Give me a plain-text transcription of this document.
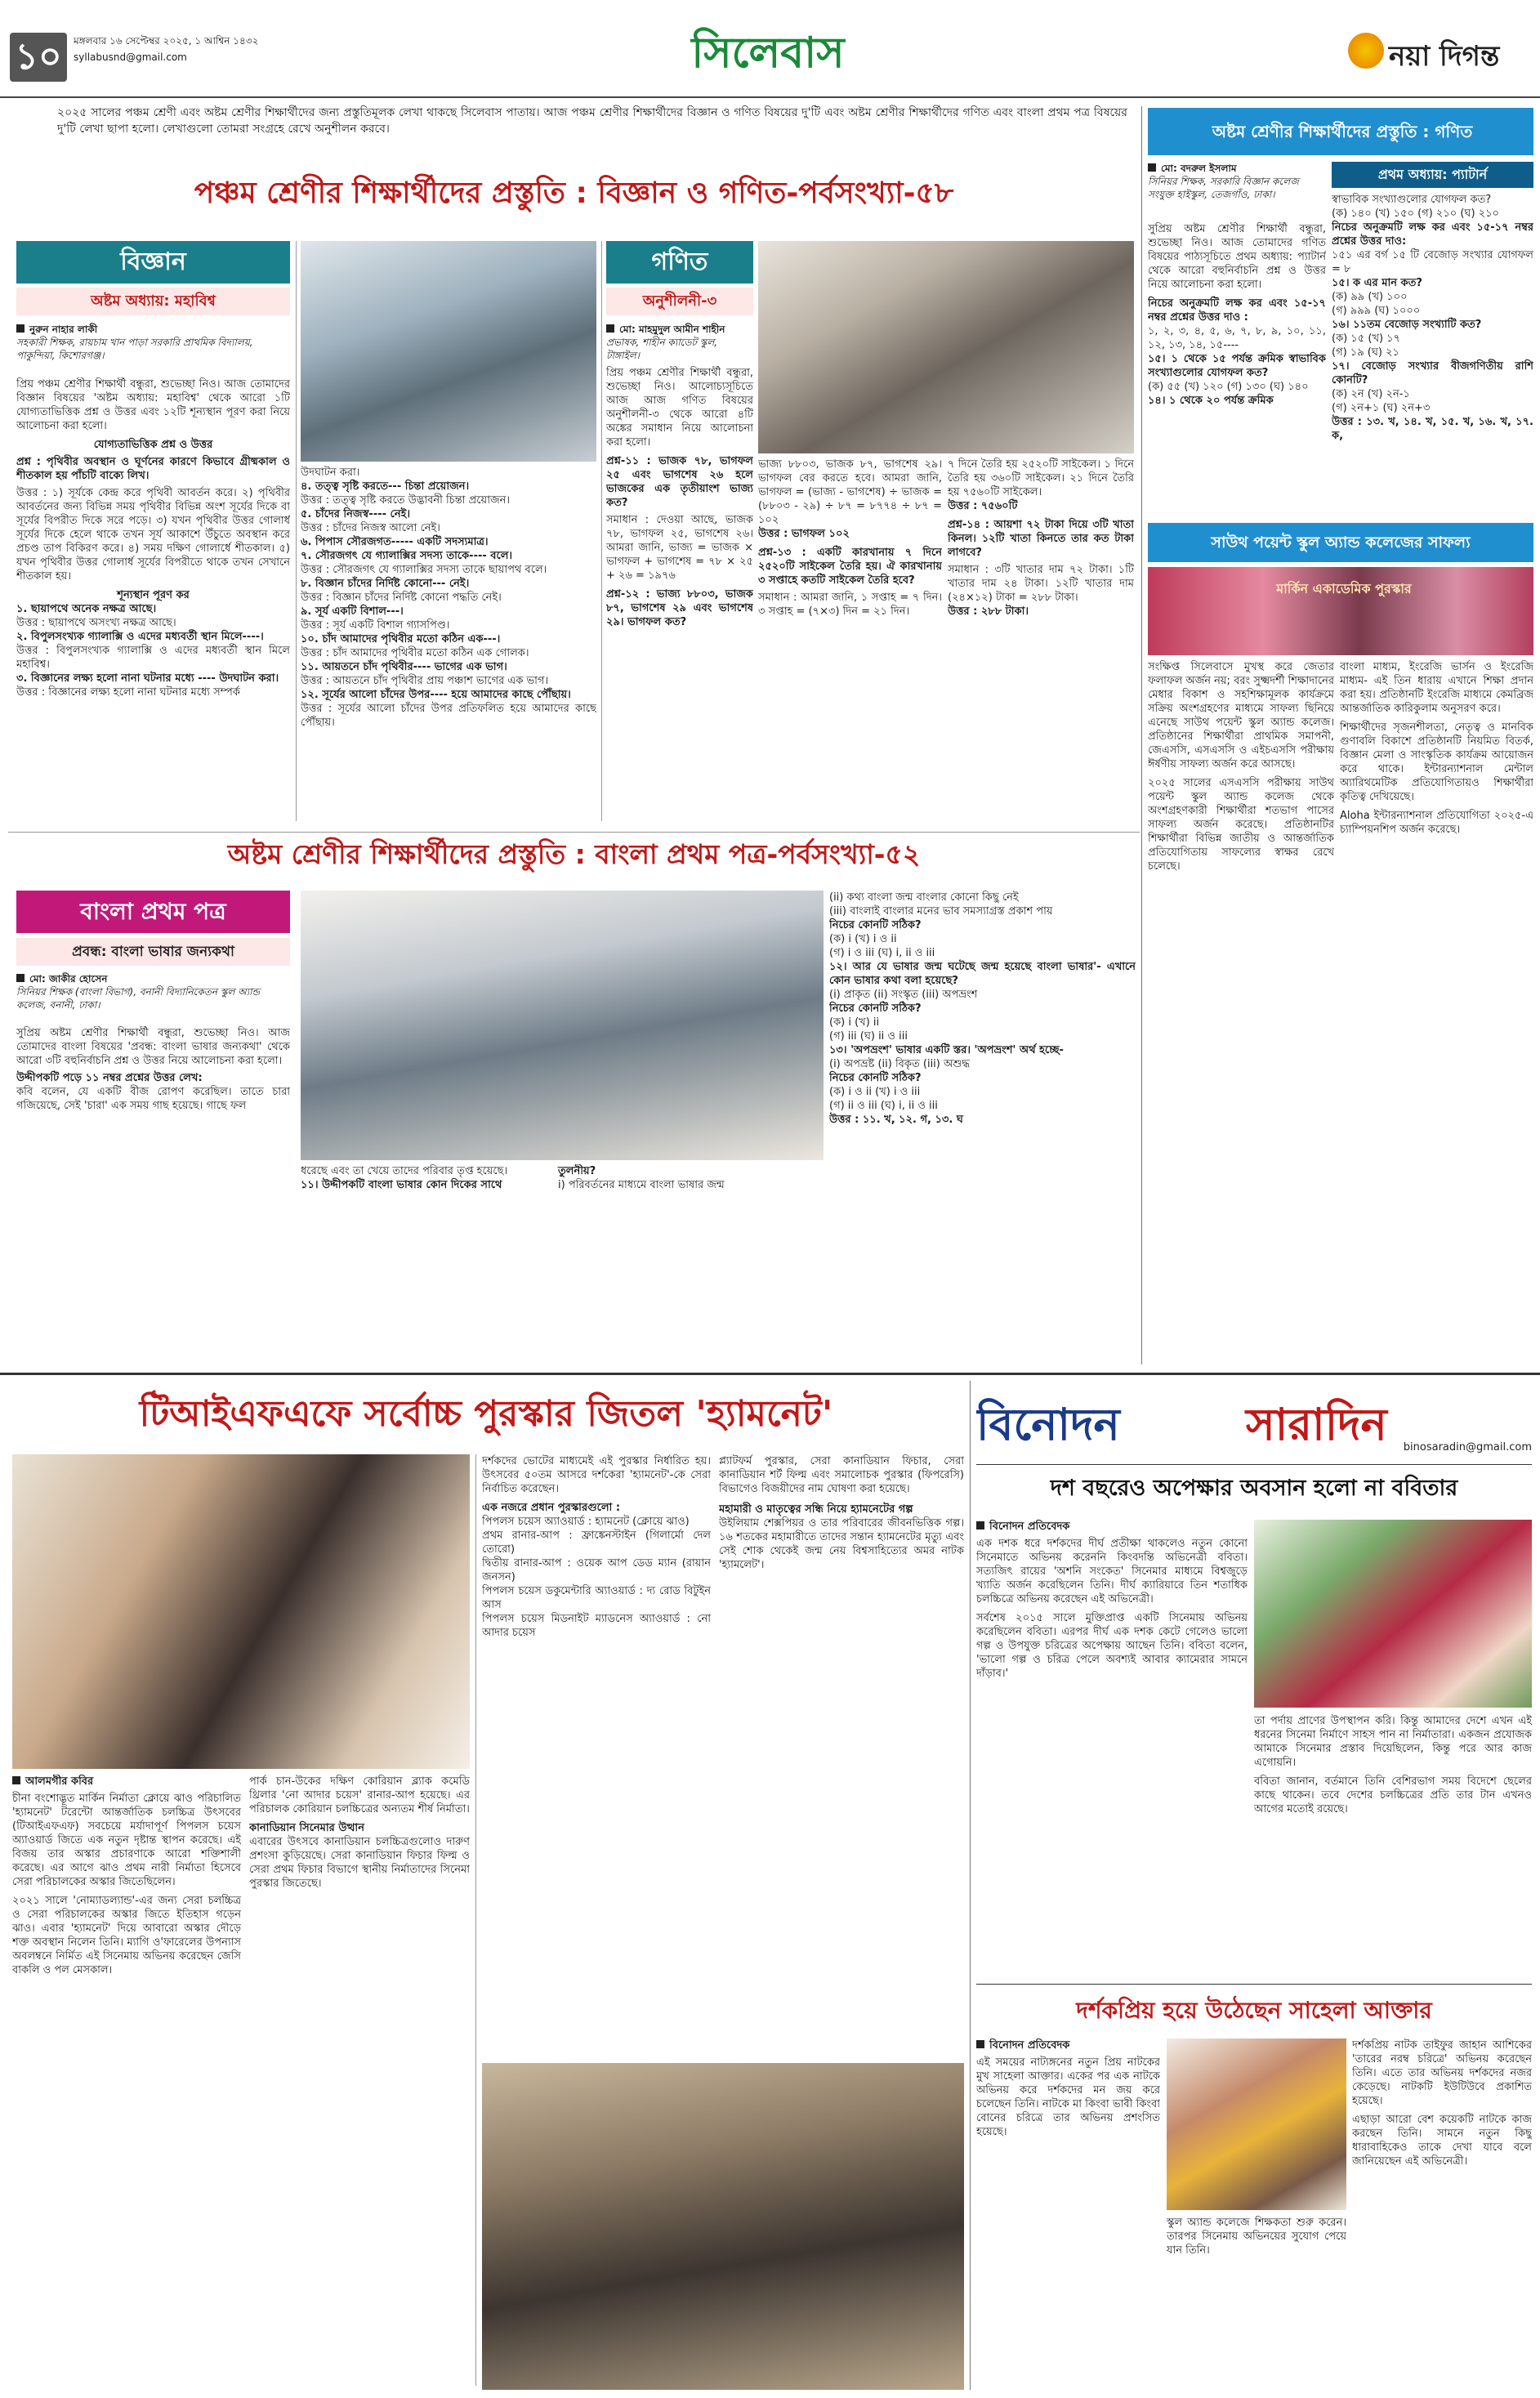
১০	মঙ্গলবার ১৬ সেপ্টেম্বর ২০২৫, ১ আশ্বিন ১৪৩২
syllabusnd@gmail.com	সিলেবাস	নয়া দিগন্ত
২০২৫ সালের পঞ্চম শ্রেণী এবং অষ্টম শ্রেণীর শিক্ষার্থীদের জন্য প্রস্তুতিমূলক লেখা থাকছে সিলেবাস পাতায়। আজ পঞ্চম শ্রেণীর শিক্ষার্থীদের বিজ্ঞান ও গণিত বিষয়ের দু'টি এবং অষ্টম শ্রেণীর শিক্ষার্থীদের গণিত এবং বাংলা প্রথম পত্র বিষয়ের দু'টি লেখা ছাপা হলো। লেখাগুলো তোমরা সংগ্রহে রেখে অনুশীলন করবে।
পঞ্চম শ্রেণীর শিক্ষার্থীদের প্রস্তুতি : বিজ্ঞান ও গণিত-পর্বসংখ্যা-৫৮
বিজ্ঞান
অষ্টম অধ্যায়: মহাবিশ্ব
নুরুন নাহার লাকী
সহকারী শিক্ষক, রায়চাম খান পাড়া সরকারি প্রাথমিক বিদ্যালয়, পাকুন্দিয়া, কিশোরগঞ্জ।

প্রিয় পঞ্চম শ্রেণীর শিক্ষার্থী বন্ধুরা, শুভেচ্ছা নিও। আজ তোমাদের বিজ্ঞান বিষয়ের 'অষ্টম অধ্যায়: মহাবিশ্ব' থেকে আরো ১টি যোগ্যতাভিত্তিক প্রশ্ন ও উত্তর এবং ১২টি শূন্যস্থান পূরণ করা নিয়ে আলোচনা করা হলো।

যোগ্যতাভিত্তিক প্রশ্ন ও উত্তর

প্রশ্ন : পৃথিবীর অবস্থান ও ঘূর্ণনের কারণে কিভাবে গ্রীষ্মকাল ও শীতকাল হয় পাঁচটি বাক্যে লিখ।

উত্তর : ১) সূর্যকে কেন্দ্র করে পৃথিবী আবর্তন করে। ২) পৃথিবীর আবর্তনের জন্য বিভিন্ন সময় পৃথিবীর বিভিন্ন অংশ সূর্যের দিকে বা সূর্যের বিপরীত দিকে সরে পড়ে। ৩) যখন পৃথিবীর উত্তর গোলার্ধ সূর্যের দিকে হেলে থাকে তখন সূর্য আকাশে উঁচুতে অবস্থান করে প্রচণ্ড তাপ বিকিরণ করে। ৪) সময় দক্ষিণ গোলার্ধে শীতকাল। ৫) যখন পৃথিবীর উত্তর গোলার্ধ সূর্যের বিপরীতে থাকে তখন সেখানে শীতকাল হয়।

শূন্যস্থান পূরণ কর

১. ছায়াপথে অনেক নক্ষত্র আছে।

উত্তর : ছায়াপথে অসংখ্য নক্ষত্র আছে।

২. বিপুলসংখ্যক গ্যালাক্সি ও এদের মধ্যবর্তী স্থান মিলে----।

উত্তর : বিপুলসংখ্যক গ্যালাক্সি ও এদের মধ্যবর্তী স্থান মিলে মহাবিশ্ব।

৩. বিজ্ঞানের লক্ষ্য হলো নানা ঘটনার মধ্যে ---- উদঘাটন করা।

উত্তর : বিজ্ঞানের লক্ষ্য হলো নানা ঘটনার মধ্যে সম্পর্ক

উদঘাটন করা।

৪. তত্ত্ব সৃষ্টি করতে--- চিন্তা প্রয়োজন।

উত্তর : তত্ত্ব সৃষ্টি করতে উদ্ভাবনী চিন্তা প্রয়োজন।

৫. চাঁদের নিজস্ব---- নেই।

উত্তর : চাঁদের নিজস্ব আলো নেই।

৬. পিপাস সৌরজগত----- একটি সদস্যমাত্র।

৭. সৌরজগৎ যে গ্যালাক্সির সদস্য তাকে---- বলে।

উত্তর : সৌরজগৎ যে গ্যালাক্সির সদস্য তাকে ছায়াপথ বলে।

৮. বিজ্ঞান চাঁদের নির্দিষ্ট কোনো--- নেই।

উত্তর : বিজ্ঞান চাঁদের নির্দিষ্ট কোনো পদ্ধতি নেই।

৯. সূর্য একটি বিশাল---।

উত্তর : সূর্য একটি বিশাল গ্যাসপিণ্ড।

১০. চাঁদ আমাদের পৃথিবীর মতো কঠিন এক---।

উত্তর : চাঁদ আমাদের পৃথিবীর মতো কঠিন এক গোলক।

১১. আয়তনে চাঁদ পৃথিবীর---- ভাগের এক ভাগ।

উত্তর : আয়তনে চাঁদ পৃথিবীর প্রায় পঞ্চাশ ভাগের এক ভাগ।

১২. সূর্যের আলো চাঁদের উপর---- হয়ে আমাদের কাছে পৌঁছায়।

উত্তর : সূর্যের আলো চাঁদের উপর প্রতিফলিত হয়ে আমাদের কাছে পৌঁছায়।

গণিত
অনুশীলনী-৩
মো: মাহমুদুল আমীন শাহীন
প্রভাষক, শাহীন ক্যাডেট স্কুল, টাঙ্গাইল।

প্রিয় পঞ্চম শ্রেণীর শিক্ষার্থী বন্ধুরা, শুভেচ্ছা নিও। আলোচ্যসূচিতে আজ আজ গণিত বিষয়ের অনুশীলনী-৩ থেকে আরো ৪টি অঙ্কের সমাধান নিয়ে আলোচনা করা হলো।

প্রশ্ন-১১ : ভাজক ৭৮, ভাগফল ২৫ এবং ভাগশেষ ২৬ হলে ভাজকের এক তৃতীয়াংশ ভাজ্য কত?

সমাধান : দেওয়া আছে, ভাজক ৭৮, ভাগফল ২৫, ভাগশেষ ২৬। আমরা জানি, ভাজ্য = ভাজক × ভাগফল + ভাগশেষ = ৭৮ × ২৫ + ২৬ = ১৯৭৬

প্রশ্ন-১২ : ভাজ্য ৮৮০৩, ভাজক ৮৭, ভাগশেষ ২৯ এবং ভাগশেষ ২৯। ভাগফল কত?

ভাজ্য ৮৮০৩, ভাজক ৮৭, ভাগশেষ ২৯। ভাগফল বের করতে হবে। আমরা জানি, ভাগফল = (ভাজ্য - ভাগশেষ) ÷ ভাজক = (৮৮০৩ - ২৯) ÷ ৮৭ = ৮৭৭৪ ÷ ৮৭ = ১০২

উত্তর : ভাগফল ১০২

প্রশ্ন-১৩ : একটি কারখানায় ৭ দিনে ২৫২০টি সাইকেল তৈরি হয়। ঐ কারখানায় ৩ সপ্তাহে কতটি সাইকেল তৈরি হবে?

সমাধান : আমরা জানি, ১ সপ্তাহ = ৭ দিন। ৩ সপ্তাহ = (৭×৩) দিন = ২১ দিন।

৭ দিনে তৈরি হয় ২৫২০টি সাইকেল। ১ দিনে তৈরি হয় ৩৬০টি সাইকেল। ২১ দিনে তৈরি হয় ৭৫৬০টি সাইকেল।

উত্তর : ৭৫৬০টি

প্রশ্ন-১৪ : আয়শা ৭২ টাকা দিয়ে ৩টি খাতা কিনল। ১২টি খাতা কিনতে তার কত টাকা লাগবে?

সমাধান : ৩টি খাতার দাম ৭২ টাকা। ১টি খাতার দাম ২৪ টাকা। ১২টি খাতার দাম (২৪×১২) টাকা = ২৮৮ টাকা।

উত্তর : ২৮৮ টাকা।

অষ্টম শ্রেণীর শিক্ষার্থীদের প্রস্তুতি : গণিত
মো: বদরুল ইসলাম
সিনিয়র শিক্ষক, সরকারি বিজ্ঞান কলেজ সংযুক্ত হাইস্কুল, তেজগাঁও, ঢাকা।

সুপ্রিয় অষ্টম শ্রেণীর শিক্ষার্থী বন্ধুরা, শুভেচ্ছা নিও। আজ তোমাদের গণিত বিষয়ের পাঠ্যসূচিতে প্রথম অধ্যায়: প্যাটার্ন থেকে আরো বহুনির্বাচনি প্রশ্ন ও উত্তর নিয়ে আলোচনা করা হলো।

নিচের অনুক্রমটি লক্ষ কর এবং ১৫-১৭ নম্বর প্রশ্নের উত্তর দাও :

১, ২, ৩, ৪, ৫, ৬, ৭, ৮, ৯, ১০, ১১, ১২, ১৩, ১৪, ১৫----

১৫। ১ থেকে ১৫ পর্যন্ত ক্রমিক স্বাভাবিক সংখ্যাগুলোর যোগফল কত?

(ক) ৫৫ (খ) ১২০ (গ) ১৩০ (ঘ) ১৪০

১৪। ১ থেকে ২০ পর্যন্ত ক্রমিক

প্রথম অধ্যায়: প্যাটার্ন

স্বাভাবিক সংখ্যাগুলোর যোগফল কত?

(ক) ১৪০ (খ) ১৫০ (গ) ২১০ (ঘ) ২১০

নিচের অনুক্রমটি লক্ষ কর এবং ১৫-১৭ নম্বর প্রশ্নের উত্তর দাও:

১৫১ এর বর্গ ১৫ টি বেজোড় সংখ্যার যোগফল = ৮

১৫। ক এর মান কত?

(ক) ৯৯ (খ) ১০০

(গ) ৯৯৯ (ঘ) ১০০০

১৬। ১১তম বেজোড় সংখ্যাটি কত?

(ক) ১৫ (খ) ১৭

(গ) ১৯ (ঘ) ২১

১৭। বেজোড় সংখ্যার বীজগণিতীয় রাশি কোনটি?

(ক) ২ন (খ) ২ন-১

(গ) ২ন+১ (ঘ) ২ন+৩

উত্তর : ১৩. খ, ১৪. খ, ১৫. খ, ১৬. খ, ১৭. ক,

সাউথ পয়েন্ট স্কুল অ্যান্ড কলেজের সাফল্য
মার্কিন একাডেমিক পুরস্কার

সংক্ষিপ্ত সিলেবাসে মুখস্থ করে জেতার ফলাফল অর্জন নয়; বরং সুক্ষ্মদর্শী শিক্ষাদানের মেধার বিকাশ ও সহশিক্ষামূলক কার্যক্রমে সক্রিয় অংশগ্রহণের মাধ্যমে সাফল্য ছিনিয়ে এনেছে সাউথ পয়েন্ট স্কুল অ্যান্ড কলেজ। প্রতিষ্ঠানের শিক্ষার্থীরা প্রাথমিক সমাপনী, জেএসসি, এসএসসি ও এইচএসসি পরীক্ষায় ঈর্ষণীয় সাফল্য অর্জন করে আসছে।

২০২৫ সালের এসএসসি পরীক্ষায় সাউথ পয়েন্ট স্কুল অ্যান্ড কলেজ থেকে অংশগ্রহণকারী শিক্ষার্থীরা শতভাগ পাসের সাফল্য অর্জন করেছে। প্রতিষ্ঠানটির শিক্ষার্থীরা বিভিন্ন জাতীয় ও আন্তর্জাতিক প্রতিযোগিতায় সাফল্যের স্বাক্ষর রেখে চলেছে।

বাংলা মাধ্যম, ইংরেজি ভার্সন ও ইংরেজি মাধ্যম- এই তিন ধারায় এখানে শিক্ষা প্রদান করা হয়। প্রতিষ্ঠানটি ইংরেজি মাধ্যমে কেমব্রিজ আন্তর্জাতিক কারিকুলাম অনুসরণ করে।

শিক্ষার্থীদের সৃজনশীলতা, নেতৃত্ব ও মানবিক গুণাবলি বিকাশে প্রতিষ্ঠানটি নিয়মিত বিতর্ক, বিজ্ঞান মেলা ও সাংস্কৃতিক কার্যক্রম আয়োজন করে থাকে। ইন্টারন্যাশনাল মেন্টাল অ্যারিথমেটিক প্রতিযোগিতায়ও শিক্ষার্থীরা কৃতিত্ব দেখিয়েছে।

Aloha ইন্টারন্যাশনাল প্রতিযোগিতা ২০২৫-এ চ্যাম্পিয়নশিপ অর্জন করেছে।

অষ্টম শ্রেণীর শিক্ষার্থীদের প্রস্তুতি : বাংলা প্রথম পত্র-পর্বসংখ্যা-৫২
বাংলা প্রথম পত্র
প্রবন্ধ: বাংলা ভাষার জন্যকথা
মো: জাকীর হোসেন
সিনিয়র শিক্ষক (বাংলা বিভাগ), বনানী বিদ্যানিকেতন স্কুল অ্যান্ড কলেজ, বনানী, ঢাকা।

সুপ্রিয় অষ্টম শ্রেণীর শিক্ষার্থী বন্ধুরা, শুভেচ্ছা নিও। আজ তোমাদের বাংলা বিষয়ের 'প্রবন্ধ: বাংলা ভাষার জন্যকথা' থেকে আরো ৩টি বহুনির্বাচনি প্রশ্ন ও উত্তর নিয়ে আলোচনা করা হলো।

উদ্দীপকটি পড়ে ১১ নম্বর প্রশ্নের উত্তর লেখ:

কবি বলেন, যে একটি বীজ রোপণ করেছিল। তাতে চারা গজিয়েছে, সেই 'চারা' এক সময় গাছ হয়েছে। গাছে ফল

ধরেছে এবং তা খেয়ে তাদের পরিবার তৃপ্ত হয়েছে।

১১। উদ্দীপকটি বাংলা ভাষার কোন দিকের সাথে

তুলনীয়?

i) পরিবর্তনের মাধ্যমে বাংলা ভাষার জন্ম

(ii) কথ্য বাংলা জন্ম বাংলার কোনো কিছু নেই

(iii) বাংলাই বাংলার মনের ভাব সমস্যাগ্রস্ত প্রকাশ পায়

নিচের কোনটি সঠিক?

(ক) i (খ) i ও ii

(গ) i ও iii (ঘ) i, ii ও iii

১২। আর যে ভাষার জন্ম ঘটেছে জন্ম হয়েছে বাংলা ভাষার'- এখানে কোন ভাষার কথা বলা হয়েছে?

(i) প্রাকৃত (ii) সংস্কৃত (iii) অপভ্রংশ

নিচের কোনটি সঠিক?

(ক) i (খ) ii

(গ) iii (ঘ) ii ও iii

১৩। 'অপভ্রংশ' ভাষার একটি স্তর। 'অপভ্রংশ' অর্থ হচ্ছে-

(i) অপভ্রষ্ট (ii) বিকৃত (iii) অশুদ্ধ

নিচের কোনটি সঠিক?

(ক) i ও ii (খ) i ও iii

(গ) ii ও iii (ঘ) i, ii ও iii

উত্তর : ১১. খ, ১২. গ, ১৩. ঘ

টিআইএফএফে সর্বোচ্চ পুরস্কার জিতল 'হ্যামনেট'

আলমগীর কবির

চীনা বংশোদ্ভূত মার্কিন নির্মাতা ক্লোয়ে ঝাও পরিচালিত 'হ্যামনেট' টরেন্টো আন্তর্জাতিক চলচ্চিত্র উৎসবের (টিআইএফএফ) সবচেয়ে মর্যাদাপূর্ণ পিপলস চয়েস অ্যাওয়ার্ড জিতে এক নতুন দৃষ্টান্ত স্থাপন করেছে। এই বিজয় তার অস্কার প্রচারণাকে আরো শক্তিশালী করেছে। এর আগে ঝাও প্রথম নারী নির্মাতা হিসেবে সেরা পরিচালকের অস্কার জিতেছিলেন।

২০২১ সালে 'নোম্যাডল্যান্ড'-এর জন্য সেরা চলচ্চিত্র ও সেরা পরিচালকের অস্কার জিতে ইতিহাস গড়েন ঝাও। এবার 'হ্যামনেট' দিয়ে আবারো অস্কার দৌড়ে শক্ত অবস্থান নিলেন তিনি। ম্যাগি ও'ফারেলের উপন্যাস অবলম্বনে নির্মিত এই সিনেমায় অভিনয় করেছেন জেসি বাকলি ও পল মেসকাল।

পার্ক চান-উকের দক্ষিণ কোরিয়ান ব্ল্যাক কমেডি থ্রিলার 'নো আদার চয়েস' রানার-আপ হয়েছে। এর পরিচালক কোরিয়ান চলচ্চিত্রের অন্যতম শীর্ষ নির্মাতা।

কানাডিয়ান সিনেমার উত্থান

এবারের উৎসবে কানাডিয়ান চলচ্চিত্রগুলোও দারুণ প্রশংসা কুড়িয়েছে। সেরা কানাডিয়ান ফিচার ফিল্ম ও সেরা প্রথম ফিচার বিভাগে স্থানীয় নির্মাতাদের সিনেমা পুরস্কার জিতেছে।

দর্শকদের ভোটের মাধ্যমেই এই পুরস্কার নির্ধারিত হয়। উৎসবের ৫০তম আসরে দর্শকেরা 'হ্যামনেট'-কে সেরা নির্বাচিত করেছেন।

এক নজরে প্রধান পুরস্কারগুলো :

পিপলস চয়েস অ্যাওয়ার্ড : হ্যামনেট (ক্লোয়ে ঝাও)

প্রথম রানার-আপ : ফ্রাঙ্কেনস্টাইন (গিলার্মো দেল তোরো)

দ্বিতীয় রানার-আপ : ওয়েক আপ ডেড ম্যান (রায়ান জনসন)

পিপলস চয়েস ডকুমেন্টারি অ্যাওয়ার্ড : দ্য রোড বিটুইন আস

পিপলস চয়েস মিডনাইট ম্যাডনেস অ্যাওয়ার্ড : নো আদার চয়েস

প্ল্যাটফর্ম পুরস্কার, সেরা কানাডিয়ান ফিচার, সেরা কানাডিয়ান শর্ট ফিল্ম এবং সমালোচক পুরস্কার (ফিপরেসি) বিভাগেও বিজয়ীদের নাম ঘোষণা করা হয়েছে।

মহামারী ও মাতৃত্বের সন্ধি নিয়ে হ্যামনেটের গল্প

উইলিয়াম শেক্সপিয়র ও তার পরিবারের জীবনভিত্তিক গল্প। ১৬ শতকের মহামারীতে তাদের সন্তান হ্যামনেটের মৃত্যু এবং সেই শোক থেকেই জন্ম নেয় বিশ্বসাহিত্যের অমর নাটক 'হ্যামলেট'।

বিনোদন	সারাদিন binosaradin@gmail.com
দশ বছরেও অপেক্ষার অবসান হলো না ববিতার

বিনোদন প্রতিবেদক

এক দশক ধরে দর্শকদের দীর্ঘ প্রতীক্ষা থাকলেও নতুন কোনো সিনেমাতে অভিনয় করেননি কিংবদন্তি অভিনেত্রী ববিতা। সত্যজিৎ রায়ের 'অশনি সংকেত' সিনেমার মাধ্যমে বিশ্বজুড়ে খ্যাতি অর্জন করেছিলেন তিনি। দীর্ঘ ক্যারিয়ারে তিন শতাধিক চলচ্চিত্রে অভিনয় করেছেন এই অভিনেত্রী।

সর্বশেষ ২০১৫ সালে মুক্তিপ্রাপ্ত একটি সিনেমায় অভিনয় করেছিলেন ববিতা। এরপর দীর্ঘ এক দশক কেটে গেলেও ভালো গল্প ও উপযুক্ত চরিত্রের অপেক্ষায় আছেন তিনি। ববিতা বলেন, 'ভালো গল্প ও চরিত্র পেলে অবশ্যই আবার ক্যামেরার সামনে দাঁড়াব।'

তা পর্দায় প্রাণের উপস্থাপন করি। কিন্তু আমাদের দেশে এখন এই ধরনের সিনেমা নির্মাণে সাহস পান না নির্মাতারা। একজন প্রযোজক আমাকে সিনেমার প্রস্তাব দিয়েছিলেন, কিন্তু পরে আর কাজ এগোয়নি।

ববিতা জানান, বর্তমানে তিনি বেশিরভাগ সময় বিদেশে ছেলের কাছে থাকেন। তবে দেশের চলচ্চিত্রের প্রতি তার টান এখনও আগের মতোই রয়েছে।

দর্শকপ্রিয় হয়ে উঠেছেন সাহেলা আক্তার

বিনোদন প্রতিবেদক

এই সময়ের নাট্যঙ্গনের নতুন প্রিয় নাটকের মুখ সাহেলা আক্তার। একের পর এক নাটকে অভিনয় করে দর্শকদের মন জয় করে চলেছেন তিনি। নাটকে মা কিংবা ভাবী কিংবা বোনের চরিত্রে তার অভিনয় প্রশংসিত হয়েছে।

স্কুল অ্যান্ড কলেজে শিক্ষকতা শুরু করেন। তারপর সিনেমায় অভিনয়ের সুযোগ পেয়ে যান তিনি।

দর্শকপ্রিয় নাটক তাইফুর জাহান আশিকের 'তারের নরম্ব চরিত্রে' অভিনয় করেছেন তিনি। এতে তার অভিনয় দর্শকদের নজর কেড়েছে। নাটকটি ইউটিউবে প্রকাশিত হয়েছে।

এছাড়া আরো বেশ কয়েকটি নাটকে কাজ করছেন তিনি। সামনে নতুন কিছু ধারাবাহিকেও তাকে দেখা যাবে বলে জানিয়েছেন এই অভিনেত্রী।
